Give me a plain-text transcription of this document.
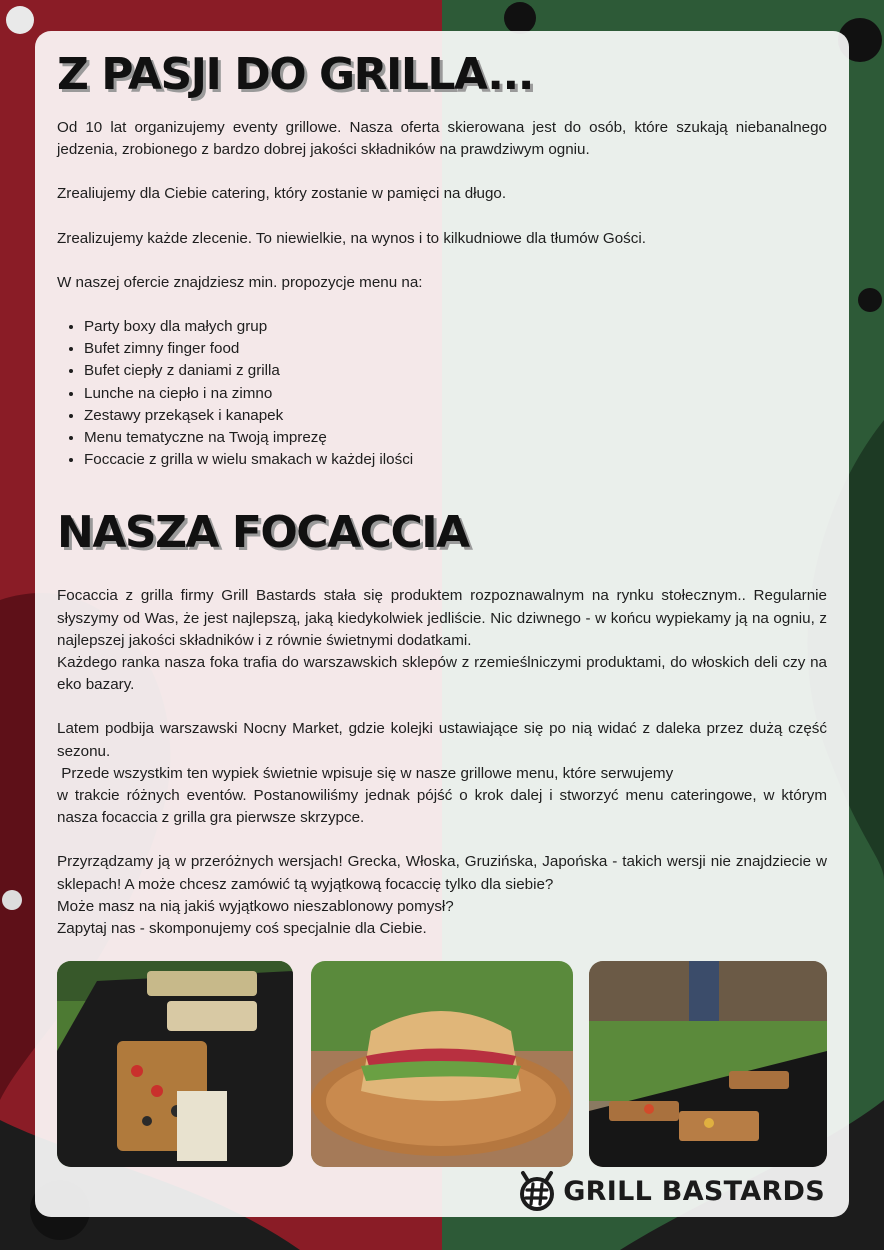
Z PASJI DO GRILLA...

Od 10 lat organizujemy eventy grillowe. Nasza oferta skierowana jest do osób, które szukają niebanalnego jedzenia, zrobionego z bardzo dobrej jakości składników na prawdziwym ogniu.

Zrealiujemy dla Ciebie catering, który zostanie w pamięci na długo.

Zrealizujemy każde zlecenie. To niewielkie, na wynos i to kilkudniowe dla tłumów Gości.

W naszej ofercie znajdziesz min. propozycje menu na:

• Party boxy dla małych grup
• Bufet zimny finger food
• Bufet ciepły z daniami z grilla
• Lunche na ciepło i na zimno
• Zestawy przekąsek i kanapek
• Menu tematyczne na Twoją imprezę
• Foccacie z grilla w wielu smakach w każdej ilości
NASZA FOCACCIA

Focaccia z grilla firmy Grill Bastards stała się produktem rozpoznawalnym na rynku stołecznym.. Regularnie słyszymy od Was, że jest najlepszą, jaką kiedykolwiek jedliście. Nic dziwnego - w końcu wypiekamy ją na ogniu, z najlepszej jakości składników i z równie świetnymi dodatkami.

Każdego ranka nasza foka trafia do warszawskich sklepów z rzemieślniczymi produktami, do włoskich deli czy na eko bazary.

Latem podbija warszawski Nocny Market, gdzie kolejki ustawiające się po nią widać z daleka przez dużą część sezonu.

Przede wszystkim ten wypiek świetnie wpisuje się w nasze grillowe menu, które serwujemy

w trakcie różnych eventów. Postanowiliśmy jednak pójść o krok dalej i stworzyć menu cateringowe, w którym nasza focaccia z grilla gra pierwsze skrzypce.

Przyrządzamy ją w przeróżnych wersjach! Grecka, Włoska, Gruzińska, Japońska - takich wersji nie znajdziecie w sklepach! A może chcesz zamówić tą wyjątkową focaccię tylko dla siebie?

Może masz na nią jakiś wyjątkowo nieszablonowy pomysł?

Zapytaj nas - skomponujemy coś specjalnie dla Ciebie.

GRILL BASTARDS
